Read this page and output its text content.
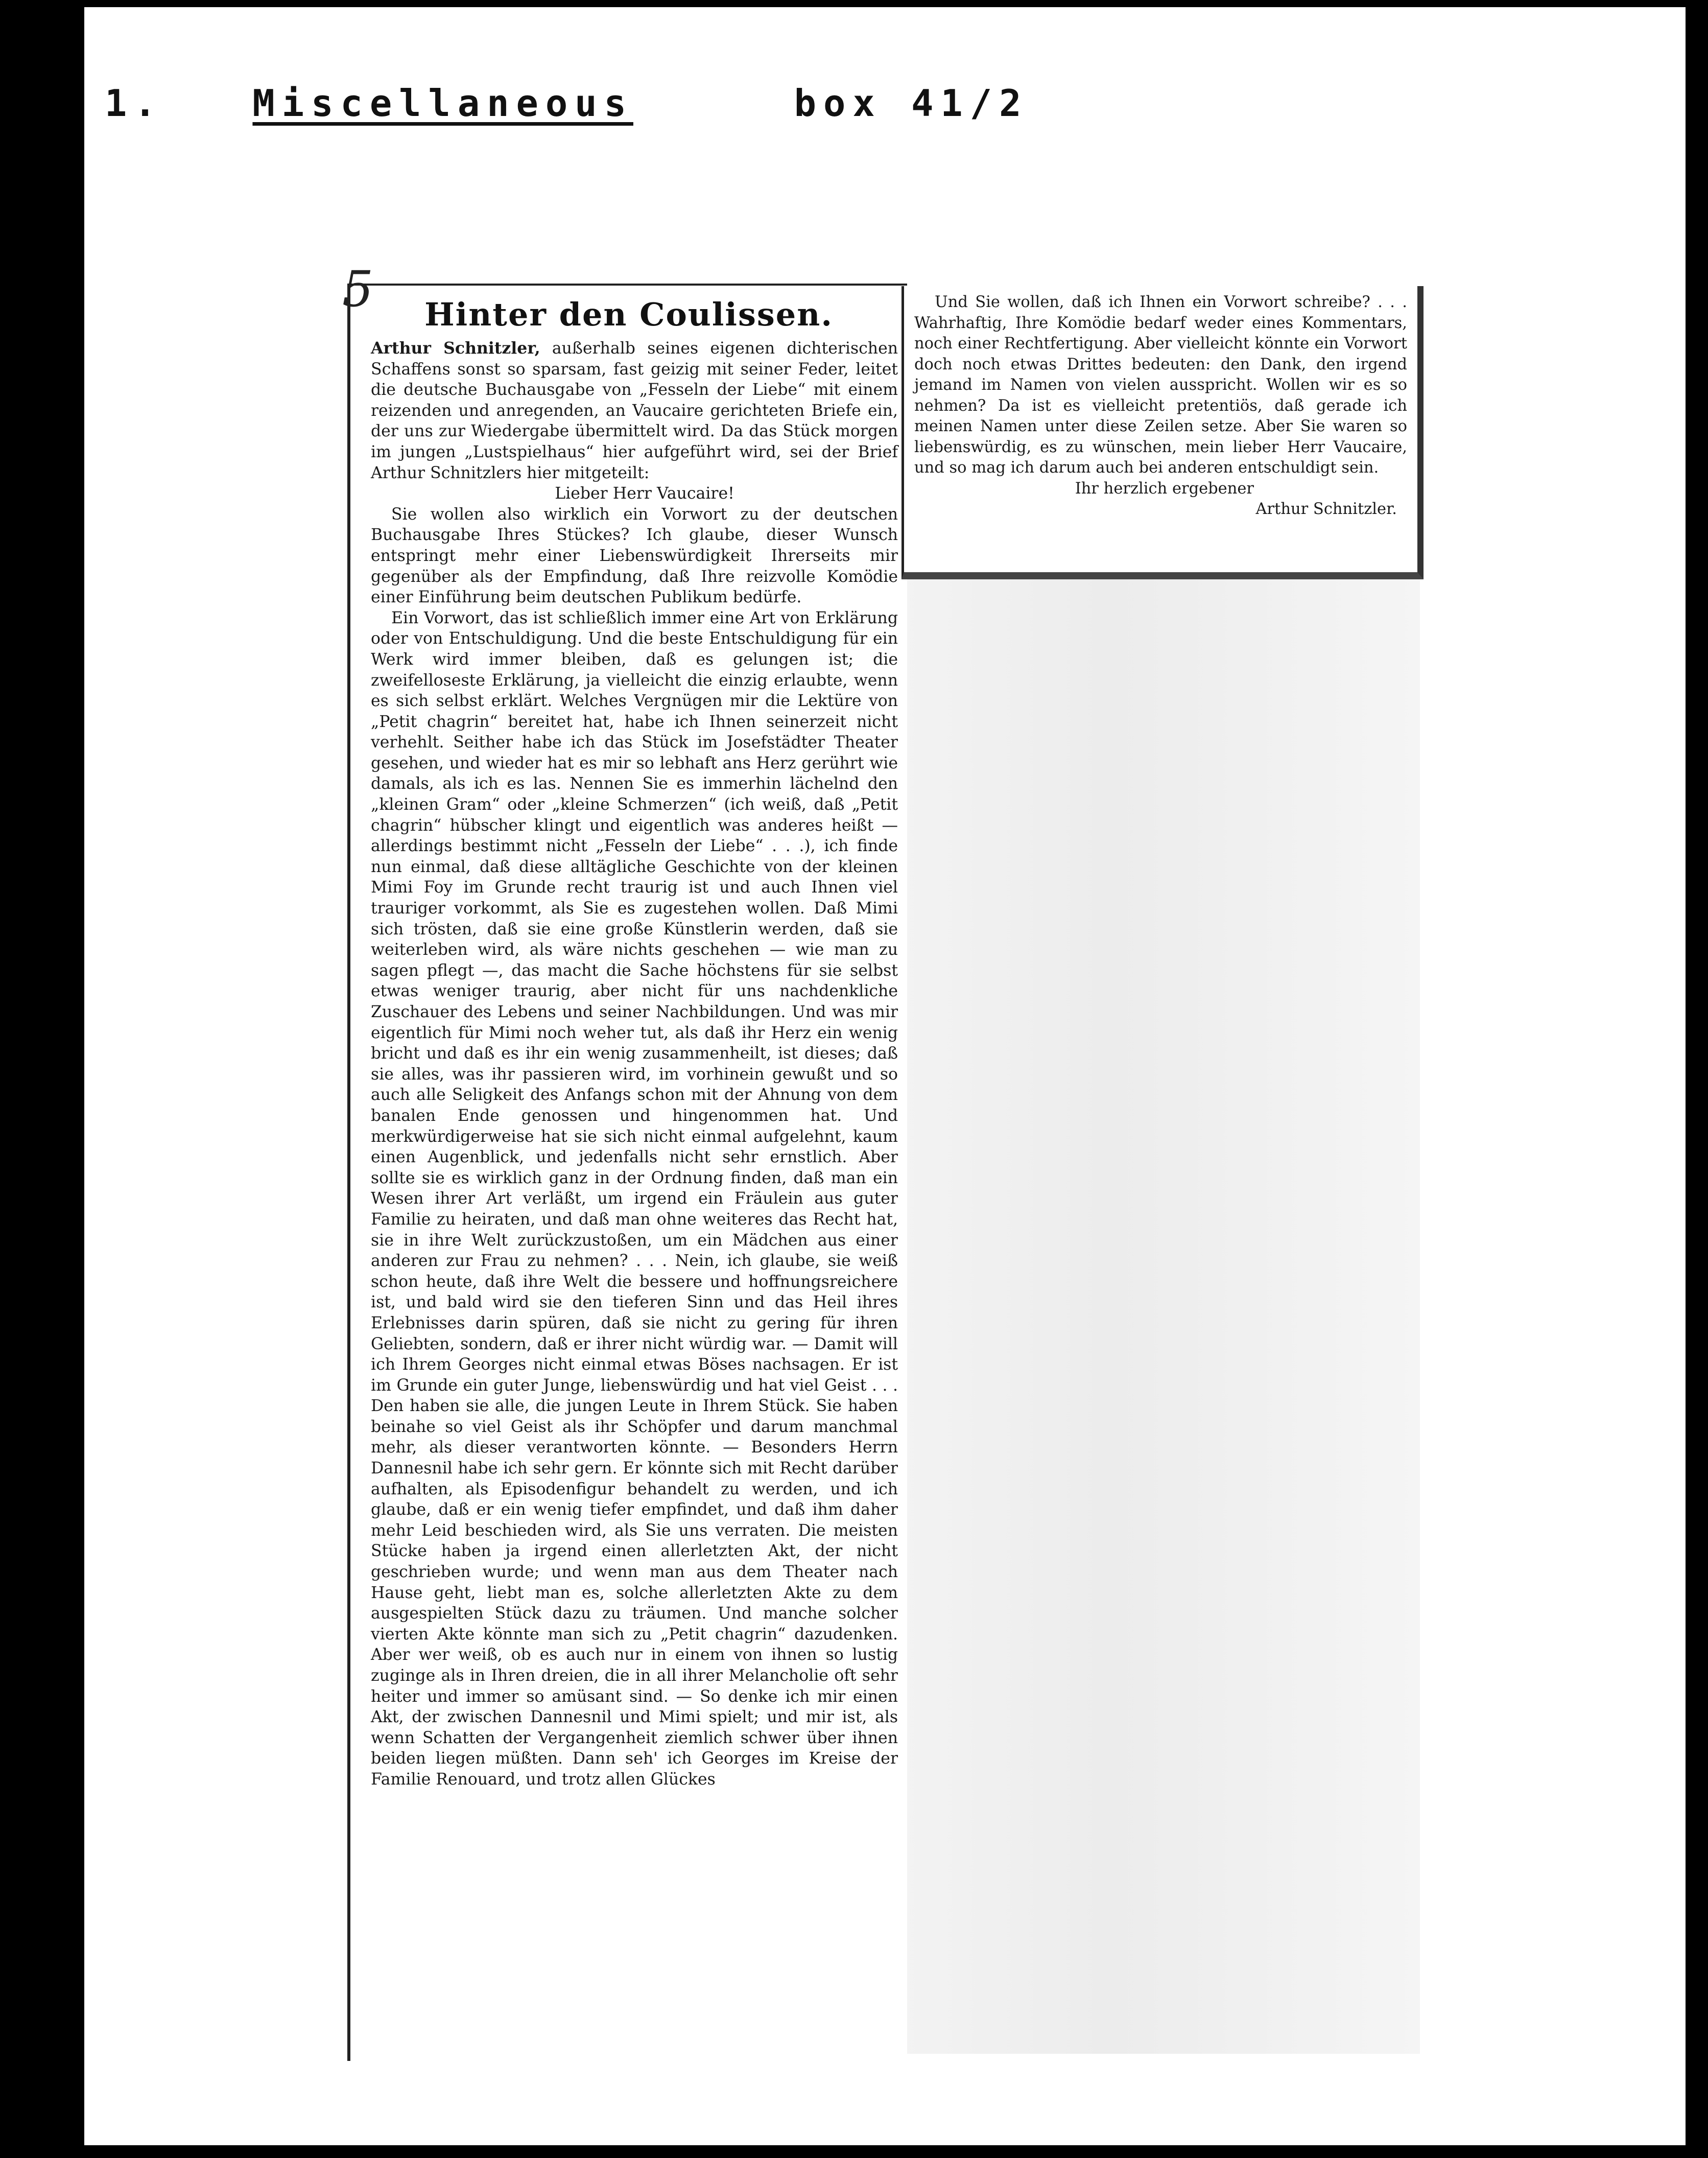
1. Miscellaneous	box 41/2
Hinter den Coulissen.

Arthur Schnitzler, außerhalb seines eigenen dichterischen Schaffens sonst so sparsam, fast geizig mit seiner Feder, leitet die deutsche Buchausgabe von „Fesseln der Liebe“ mit einem reizenden und anregenden, an Vaucaire gerichteten Briefe ein, der uns zur Wiedergabe übermittelt wird. Da das Stück morgen im jungen „Lustspielhaus“ hier aufgeführt wird, sei der Brief Arthur Schnitzlers hier mitgeteilt:

Lieber Herr Vaucaire!

Sie wollen also wirklich ein Vorwort zu der deutschen Buchausgabe Ihres Stückes? Ich glaube, dieser Wunsch entspringt mehr einer Liebenswürdigkeit Ihrerseits mir gegenüber als der Empfindung, daß Ihre reizvolle Komödie einer Einführung beim deutschen Publikum bedürfe.

Ein Vorwort, das ist schließlich immer eine Art von Erklärung oder von Entschuldigung. Und die beste Entschuldigung für ein Werk wird immer bleiben, daß es gelungen ist; die zweifelloseste Erklärung, ja vielleicht die einzig erlaubte, wenn es sich selbst erklärt. Welches Vergnügen mir die Lektüre von „Petit chagrin“ bereitet hat, habe ich Ihnen seinerzeit nicht verhehlt. Seither habe ich das Stück im Josefstädter Theater gesehen, und wieder hat es mir so lebhaft ans Herz gerührt wie damals, als ich es las. Nennen Sie es immerhin lächelnd den „kleinen Gram“ oder „kleine Schmerzen“ (ich weiß, daß „Petit chagrin“ hübscher klingt und eigentlich was anderes heißt — allerdings bestimmt nicht „Fesseln der Liebe“ . . .), ich finde nun einmal, daß diese alltägliche Geschichte von der kleinen Mimi Foy im Grunde recht traurig ist und auch Ihnen viel trauriger vorkommt, als Sie es zugestehen wollen. Daß Mimi sich trösten, daß sie eine große Künstlerin werden, daß sie weiterleben wird, als wäre nichts geschehen — wie man zu sagen pflegt —, das macht die Sache höchstens für sie selbst etwas weniger traurig, aber nicht für uns nachdenkliche Zuschauer des Lebens und seiner Nachbildungen. Und was mir eigentlich für Mimi noch weher tut, als daß ihr Herz ein wenig bricht und daß es ihr ein wenig zusammenheilt, ist dieses; daß sie alles, was ihr passieren wird, im vorhinein gewußt und so auch alle Seligkeit des Anfangs schon mit der Ahnung von dem banalen Ende genossen und hingenommen hat. Und merkwürdigerweise hat sie sich nicht einmal aufgelehnt, kaum einen Augenblick, und jedenfalls nicht sehr ernstlich. Aber sollte sie es wirklich ganz in der Ordnung finden, daß man ein Wesen ihrer Art verläßt, um irgend ein Fräulein aus guter Familie zu heiraten, und daß man ohne weiteres das Recht hat, sie in ihre Welt zurückzustoßen, um ein Mädchen aus einer anderen zur Frau zu nehmen? . . . Nein, ich glaube, sie weiß schon heute, daß ihre Welt die bessere und hoffnungsreichere ist, und bald wird sie den tieferen Sinn und das Heil ihres Erlebnisses darin spüren, daß sie nicht zu gering für ihren Geliebten, sondern, daß er ihrer nicht würdig war. — Damit will ich Ihrem Georges nicht einmal etwas Böses nachsagen. Er ist im Grunde ein guter Junge, liebenswürdig und hat viel Geist . . . Den haben sie alle, die jungen Leute in Ihrem Stück. Sie haben beinahe so viel Geist als ihr Schöpfer und darum manchmal mehr, als dieser verantworten könnte. — Besonders Herrn Dannesnil habe ich sehr gern. Er könnte sich mit Recht darüber aufhalten, als Episodenfigur behandelt zu werden, und ich glaube, daß er ein wenig tiefer empfindet, und daß ihm daher mehr Leid beschieden wird, als Sie uns verraten. Die meisten Stücke haben ja irgend einen allerletzten Akt, der nicht geschrieben wurde; und wenn man aus dem Theater nach Hause geht, liebt man es, solche allerletzten Akte zu dem ausgespielten Stück dazu zu träumen. Und manche solcher vierten Akte könnte man sich zu „Petit chagrin“ dazudenken. Aber wer weiß, ob es auch nur in einem von ihnen so lustig zuginge als in Ihren dreien, die in all ihrer Melancholie oft sehr heiter und immer so amüsant sind. — So denke ich mir einen Akt, der zwischen Dannesnil und Mimi spielt; und mir ist, als wenn Schatten der Vergangenheit ziemlich schwer über ihnen beiden liegen müßten. Dann seh' ich Georges im Kreise der Familie Renouard, und trotz allen Glückes

5	Und Sie wollen, daß ich Ihnen ein Vorwort schreibe? . . . Wahrhaftig, Ihre Komödie bedarf weder eines Kommentars, noch einer Rechtfertigung. Aber vielleicht könnte ein Vorwort doch noch etwas Drittes bedeuten: den Dank, den irgend jemand im Namen von vielen ausspricht. Wollen wir es so nehmen? Da ist es vielleicht pretentiös, daß gerade ich meinen Namen unter diese Zeilen setze. Aber Sie waren so liebenswürdig, es zu wünschen, mein lieber Herr Vaucaire, und so mag ich darum auch bei anderen entschuldigt sein.

Ihr herzlich ergebener

Arthur Schnitzler.
